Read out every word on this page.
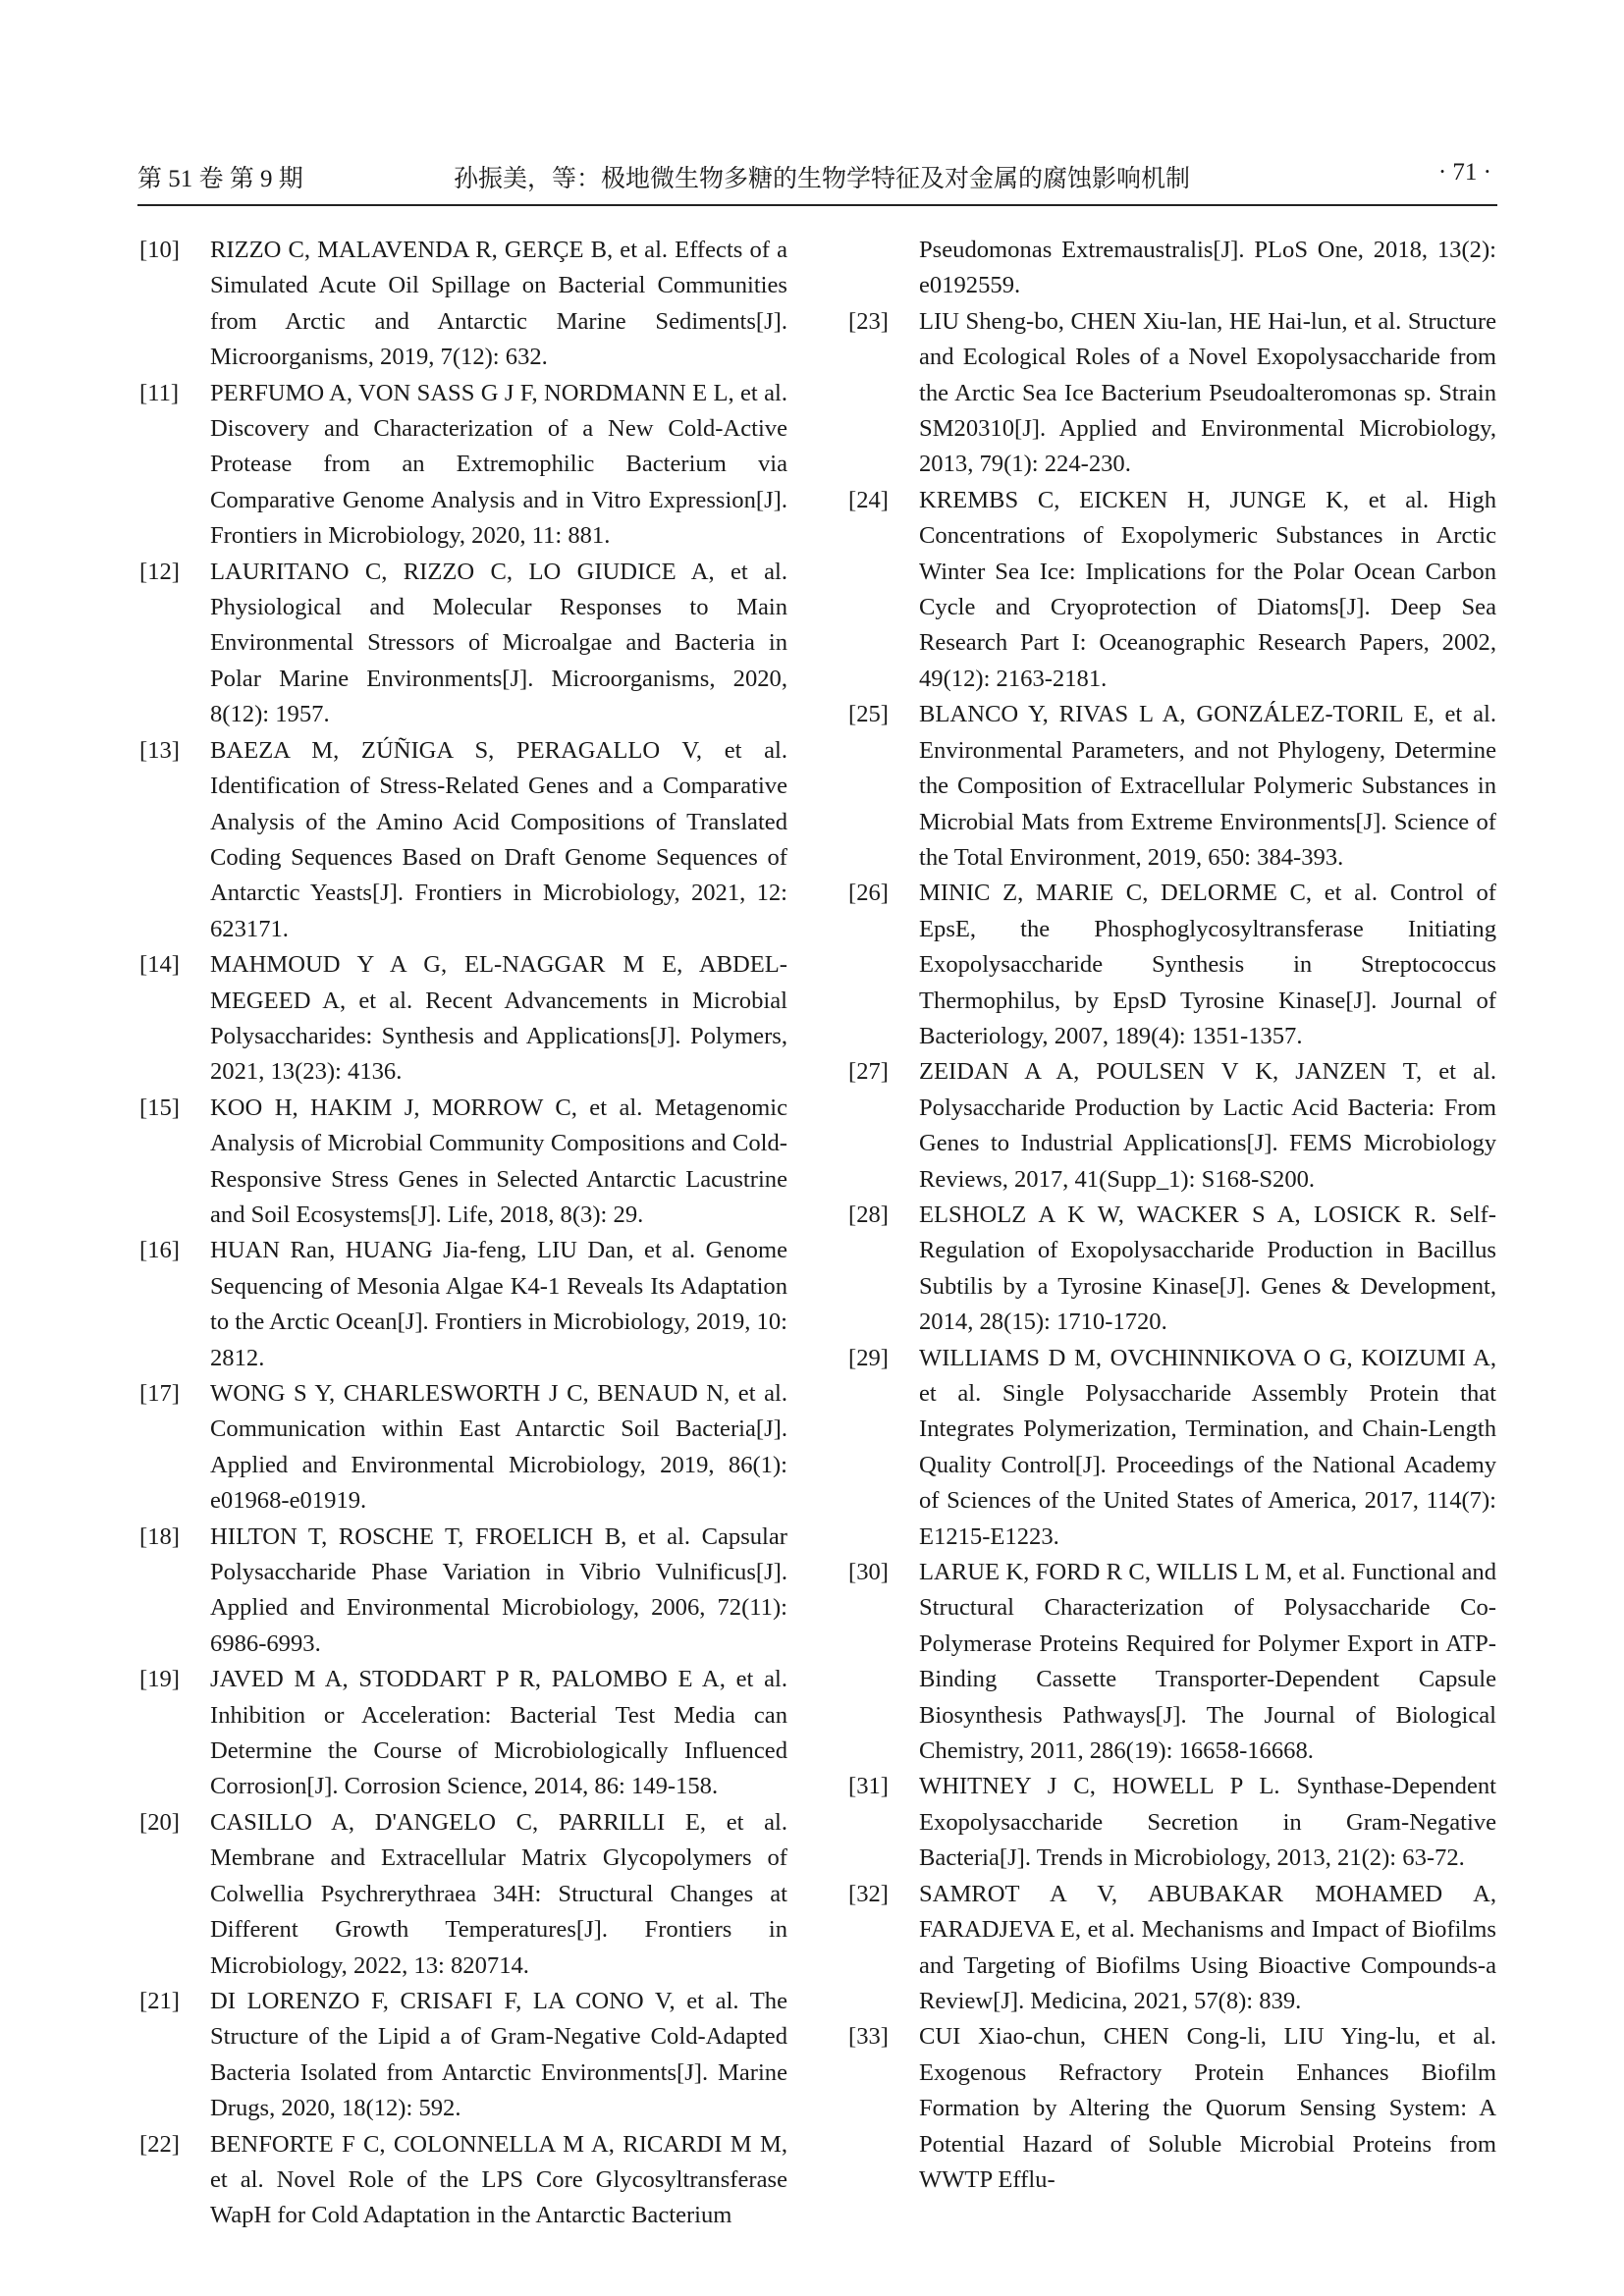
第 51 卷 第 9 期	孙振美，等：极地微生物多糖的生物学特征及对金属的腐蚀影响机制	· 71 ·
[10] RIZZO C, MALAVENDA R, GERÇE B, et al. Effects of a Simulated Acute Oil Spillage on Bacterial Communities from Arctic and Antarctic Marine Sediments[J]. Microorganisms, 2019, 7(12): 632.
[11] PERFUMO A, VON SASS G J F, NORDMANN E L, et al. Discovery and Characterization of a New Cold-Active Protease from an Extremophilic Bacterium via Comparative Genome Analysis and in Vitro Expression[J]. Frontiers in Microbiology, 2020, 11: 881.
[12] LAURITANO C, RIZZO C, LO GIUDICE A, et al. Physiological and Molecular Responses to Main Environmental Stressors of Microalgae and Bacteria in Polar Marine Environments[J]. Microorganisms, 2020, 8(12): 1957.
[13] BAEZA M, ZÚÑIGA S, PERAGALLO V, et al. Identification of Stress-Related Genes and a Comparative Analysis of the Amino Acid Compositions of Translated Coding Sequences Based on Draft Genome Sequences of Antarctic Yeasts[J]. Frontiers in Microbiology, 2021, 12: 623171.
[14] MAHMOUD Y A G, EL-NAGGAR M E, ABDEL-MEGEED A, et al. Recent Advancements in Microbial Polysaccharides: Synthesis and Applications[J]. Polymers, 2021, 13(23): 4136.
[15] KOO H, HAKIM J, MORROW C, et al. Metagenomic Analysis of Microbial Community Compositions and Cold-Responsive Stress Genes in Selected Antarctic Lacustrine and Soil Ecosystems[J]. Life, 2018, 8(3): 29.
[16] HUAN Ran, HUANG Jia-feng, LIU Dan, et al. Genome Sequencing of Mesonia Algae K4-1 Reveals Its Adaptation to the Arctic Ocean[J]. Frontiers in Microbiology, 2019, 10: 2812.
[17] WONG S Y, CHARLESWORTH J C, BENAUD N, et al. Communication within East Antarctic Soil Bacteria[J]. Applied and Environmental Microbiology, 2019, 86(1): e01968-e01919.
[18] HILTON T, ROSCHE T, FROELICH B, et al. Capsular Polysaccharide Phase Variation in Vibrio Vulnificus[J]. Applied and Environmental Microbiology, 2006, 72(11): 6986-6993.
[19] JAVED M A, STODDART P R, PALOMBO E A, et al. Inhibition or Acceleration: Bacterial Test Media can Determine the Course of Microbiologically Influenced Corrosion[J]. Corrosion Science, 2014, 86: 149-158.
[20] CASILLO A, D'ANGELO C, PARRILLI E, et al. Membrane and Extracellular Matrix Glycopolymers of Colwellia Psychrerythraea 34H: Structural Changes at Different Growth Temperatures[J]. Frontiers in Microbiology, 2022, 13: 820714.
[21] DI LORENZO F, CRISAFI F, LA CONO V, et al. The Structure of the Lipid a of Gram-Negative Cold-Adapted Bacteria Isolated from Antarctic Environments[J]. Marine Drugs, 2020, 18(12): 592.
[22] BENFORTE F C, COLONNELLA M A, RICARDI M M, et al. Novel Role of the LPS Core Glycosyltransferase WapH for Cold Adaptation in the Antarctic Bacterium
Pseudomonas Extremaustralis[J]. PLoS One, 2018, 13(2): e0192559.
[23] LIU Sheng-bo, CHEN Xiu-lan, HE Hai-lun, et al. Structure and Ecological Roles of a Novel Exopolysaccharide from the Arctic Sea Ice Bacterium Pseudoalteromonas sp. Strain SM20310[J]. Applied and Environmental Microbiology, 2013, 79(1): 224-230.
[24] KREMBS C, EICKEN H, JUNGE K, et al. High Concentrations of Exopolymeric Substances in Arctic Winter Sea Ice: Implications for the Polar Ocean Carbon Cycle and Cryoprotection of Diatoms[J]. Deep Sea Research Part I: Oceanographic Research Papers, 2002, 49(12): 2163-2181.
[25] BLANCO Y, RIVAS L A, GONZÁLEZ-TORIL E, et al. Environmental Parameters, and not Phylogeny, Determine the Composition of Extracellular Polymeric Substances in Microbial Mats from Extreme Environments[J]. Science of the Total Environment, 2019, 650: 384-393.
[26] MINIC Z, MARIE C, DELORME C, et al. Control of EpsE, the Phosphoglycosyltransferase Initiating Exopolysaccharide Synthesis in Streptococcus Thermophilus, by EpsD Tyrosine Kinase[J]. Journal of Bacteriology, 2007, 189(4): 1351-1357.
[27] ZEIDAN A A, POULSEN V K, JANZEN T, et al. Polysaccharide Production by Lactic Acid Bacteria: From Genes to Industrial Applications[J]. FEMS Microbiology Reviews, 2017, 41(Supp_1): S168-S200.
[28] ELSHOLZ A K W, WACKER S A, LOSICK R. Self-Regulation of Exopolysaccharide Production in Bacillus Subtilis by a Tyrosine Kinase[J]. Genes & Development, 2014, 28(15): 1710-1720.
[29] WILLIAMS D M, OVCHINNIKOVA O G, KOIZUMI A, et al. Single Polysaccharide Assembly Protein that Integrates Polymerization, Termination, and Chain-Length Quality Control[J]. Proceedings of the National Academy of Sciences of the United States of America, 2017, 114(7): E1215-E1223.
[30] LARUE K, FORD R C, WILLIS L M, et al. Functional and Structural Characterization of Polysaccharide Co-Polymerase Proteins Required for Polymer Export in ATP-Binding Cassette Transporter-Dependent Capsule Biosynthesis Pathways[J]. The Journal of Biological Chemistry, 2011, 286(19): 16658-16668.
[31] WHITNEY J C, HOWELL P L. Synthase-Dependent Exopolysaccharide Secretion in Gram-Negative Bacteria[J]. Trends in Microbiology, 2013, 21(2): 63-72.
[32] SAMROT A V, ABUBAKAR MOHAMED A, FARADJEVA E, et al. Mechanisms and Impact of Biofilms and Targeting of Biofilms Using Bioactive Compounds-a Review[J]. Medicina, 2021, 57(8): 839.
[33] CUI Xiao-chun, CHEN Cong-li, LIU Ying-lu, et al. Exogenous Refractory Protein Enhances Biofilm Formation by Altering the Quorum Sensing System: A Potential Hazard of Soluble Microbial Proteins from WWTP Efflu-
